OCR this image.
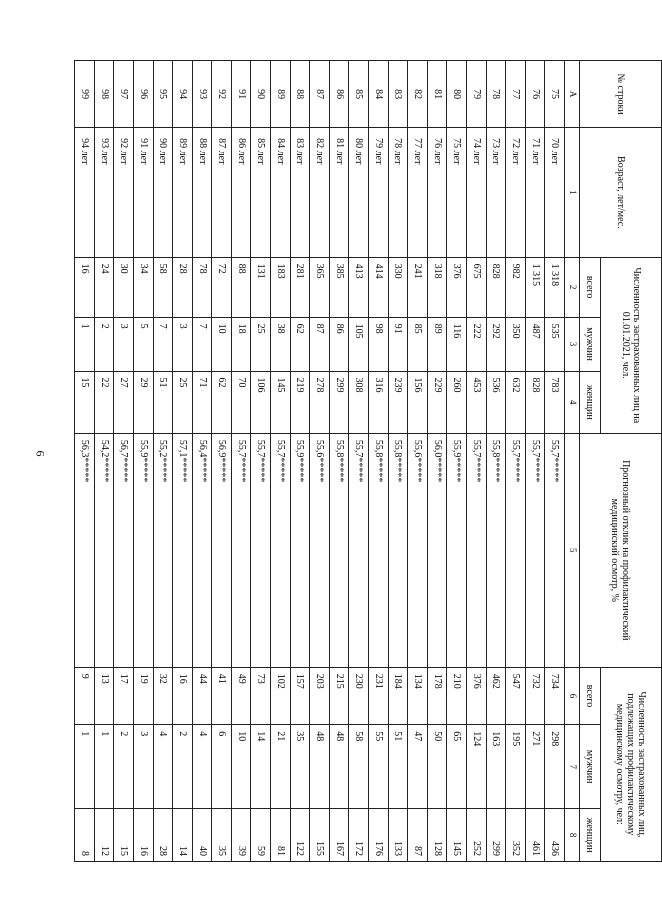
6
№ строки	Возраст, лет/мес.	Численность застрахованных лиц на 01.01.2021, чел.			Прогнозный отклик на профилактический медицинский осмотр, %	Численность застрахованных лиц, подлежащих профилактическому медицинскому осмотру, чел:		
		всего	мужчин	женщин		всего	мужчин	женщин
А	1	2	3	4	5	6	7	8
75	70 лет	1 318	535	783	55,7*****	734	298	436
76	71 лет	1 315	487	828	55,7*****	732	271	461
77	72 лет	982	350	632	55,7*****	547	195	352
78	73 лет	828	292	536	55,8*****	462	163	299
79	74 лет	675	222	453	55,7*****	376	124	252
80	75 лет	376	116	260	55,9*****	210	65	145
81	76 лет	318	89	229	56,0*****	178	50	128
82	77 лет	241	85	156	55,6*****	134	47	87
83	78 лет	330	91	239	55,8*****	184	51	133
84	79 лет	414	98	316	55,8*****	231	55	176
85	80 лет	413	105	308	55,7*****	230	58	172
86	81 лет	385	86	299	55,8*****	215	48	167
87	82 лет	365	87	278	55,6*****	203	48	155
88	83 лет	281	62	219	55,9*****	157	35	122
89	84 лет	183	38	145	55,7*****	102	21	81
90	85 лет	131	25	106	55,7*****	73	14	59
91	86 лет	88	18	70	55,7*****	49	10	39
92	87 лет	72	10	62	56,9*****	41	6	35
93	88 лет	78	7	71	56,4*****	44	4	40
94	89 лет	28	3	25	57,1*****	16	2	14
95	90 лет	58	7	51	55,2*****	32	4	28
96	91 лет	34	5	29	55,9*****	19	3	16
97	92 лет	30	3	27	56,7*****	17	2	15
98	93 лет	24	2	22	54,2*****	13	1	12
99	94 лет	16	1	15	56,3*****	9	1	8
